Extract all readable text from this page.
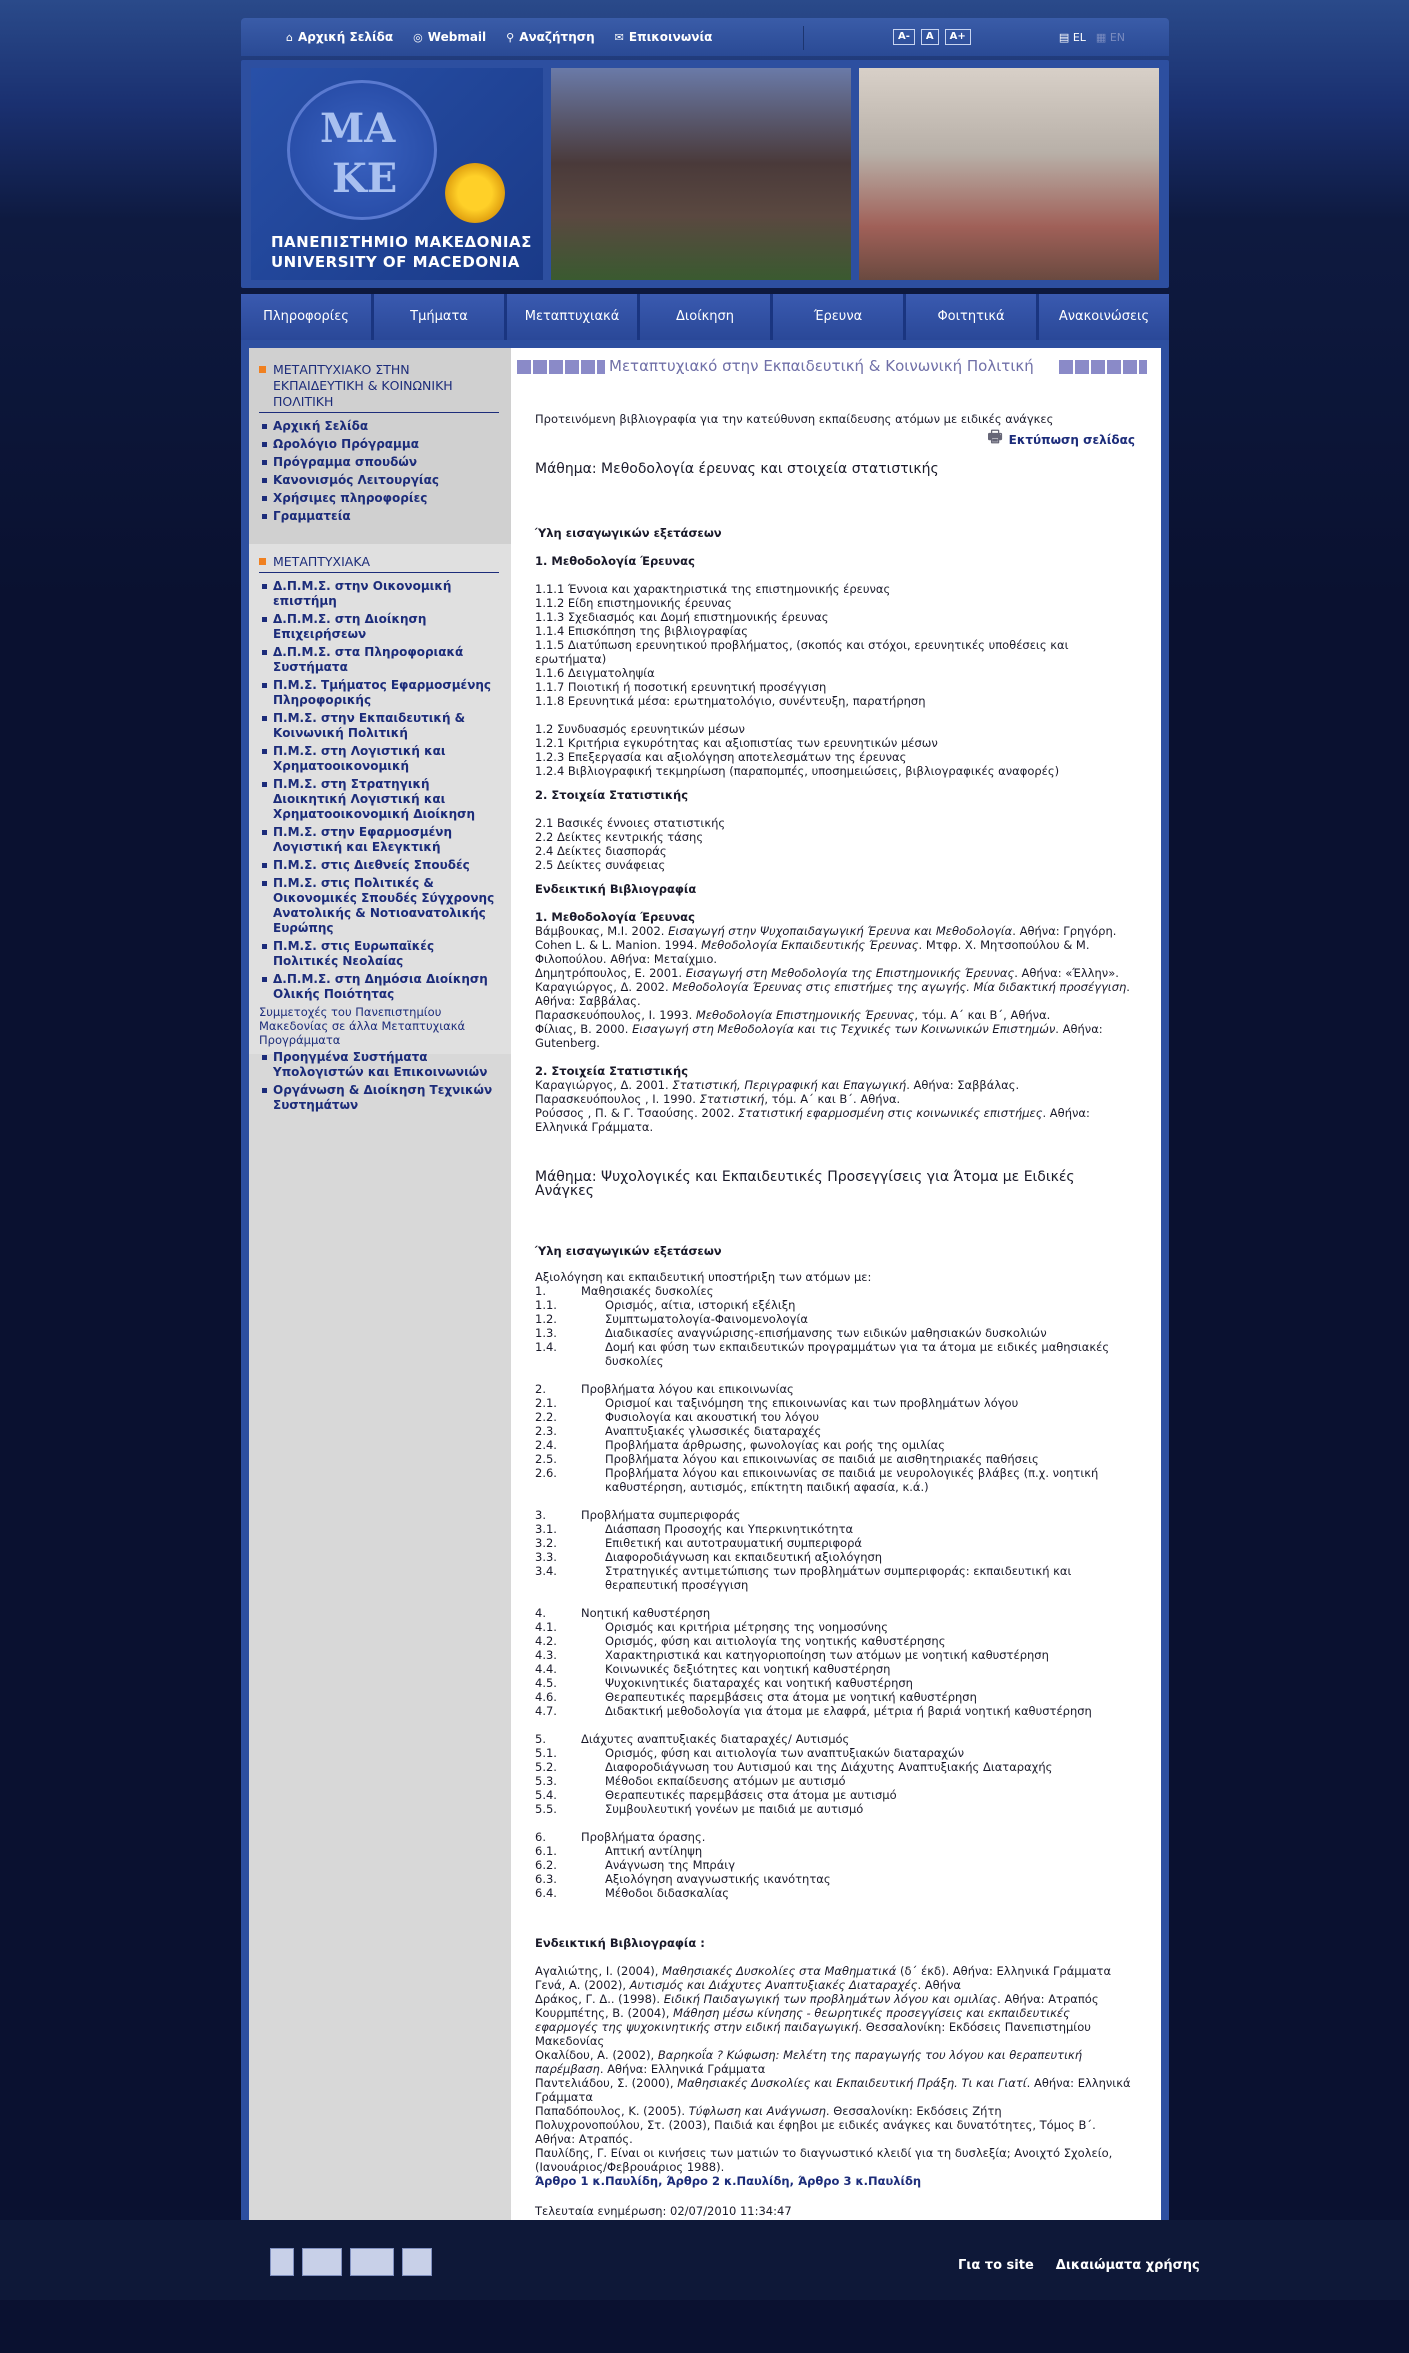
⌂ Αρχική Σελίδα ◎ Webmail ⚲ Αναζήτηση ✉ Επικοινωνία	A-	A	A+	▤ EL ▦ EN
ΜΑ
ΚΕ
ΠΑΝΕΠΙΣΤΗΜΙΟ ΜΑΚΕΔΟΝΙΑΣ
UNIVERSITY OF MACEDONIA
Πληροφορίες	Τμήματα	Μεταπτυχιακά	Διοίκηση	Έρευνα	Φοιτητικά	Ανακοινώσεις
ΜΕΤΑΠΤΥΧΙΑΚΟ ΣΤΗΝ ΕΚΠΑΙΔΕΥΤΙΚΗ & ΚΟΙΝΩΝΙΚΗ ΠΟΛΙΤΙΚΗ
Αρχική Σελίδα
Ωρολόγιο Πρόγραμμα
Πρόγραμμα σπουδών
Κανονισμός Λειτουργίας
Χρήσιμες πληροφορίες
Γραμματεία
ΜΕΤΑΠΤΥΧΙΑΚΑ
Δ.Π.Μ.Σ. στην Οικονομική επιστήμη
Δ.Π.Μ.Σ. στη Διοίκηση Επιχειρήσεων
Δ.Π.Μ.Σ. στα Πληροφοριακά Συστήματα
Π.Μ.Σ. Τμήματος Εφαρμοσμένης Πληροφορικής
Π.Μ.Σ. στην Εκπαιδευτική & Κοινωνική Πολιτική
Π.Μ.Σ. στη Λογιστική και Χρηματοοικονομική
Π.Μ.Σ. στη Στρατηγική Διοικητική Λογιστική και Χρηματοοικονομική Διοίκηση
Π.Μ.Σ. στην Εφαρμοσμένη Λογιστική και Ελεγκτική
Π.Μ.Σ. στις Διεθνείς Σπουδές
Π.Μ.Σ. στις Πολιτικές & Οικονομικές Σπουδές Σύγχρονης Ανατολικής & Νοτιοανατολικής Ευρώπης
Π.Μ.Σ. στις Ευρωπαϊκές Πολιτικές Νεολαίας
Δ.Π.Μ.Σ. στη Δημόσια Διοίκηση Ολικής Ποιότητας
Συμμετοχές του Πανεπιστημίου Μακεδονίας σε άλλα Μεταπτυχιακά Προγράμματα
Προηγμένα Συστήματα Υπολογιστών και Επικοινωνιών
Οργάνωση & Διοίκηση Τεχνικών Συστημάτων
Μεταπτυχιακό στην Εκπαιδευτική & Κοινωνική Πολιτική
🖶 Εκτύπωση σελίδας
Προτεινόμενη βιβλιογραφία για την κατεύθυνση εκπαίδευσης ατόμων με ειδικές ανάγκες
Μάθημα: Μεθοδολογία έρευνας και στοιχεία στατιστικής
Ύλη εισαγωγικών εξετάσεων
1. Μεθοδολογία Έρευνας
1.1.1 Έννοια και χαρακτηριστικά της επιστημονικής έρευνας
1.1.2 Είδη επιστημονικής έρευνας
1.1.3 Σχεδιασμός και Δομή επιστημονικής έρευνας
1.1.4 Επισκόπηση της βιβλιογραφίας
1.1.5 Διατύπωση ερευνητικού προβλήματος, (σκοπός και στόχοι, ερευνητικές υποθέσεις και ερωτήματα)
1.1.6 Δειγματοληψία
1.1.7 Ποιοτική ή ποσοτική ερευνητική προσέγγιση
1.1.8 Ερευνητικά μέσα: ερωτηματολόγιο, συνέντευξη, παρατήρηση
1.2 Συνδυασμός ερευνητικών μέσων
1.2.1 Κριτήρια εγκυρότητας και αξιοπιστίας των ερευνητικών μέσων
1.2.3 Επεξεργασία και αξιολόγηση αποτελεσμάτων της έρευνας
1.2.4 Βιβλιογραφική τεκμηρίωση (παραπομπές, υποσημειώσεις, βιβλιογραφικές αναφορές)
2. Στοιχεία Στατιστικής
2.1 Βασικές έννοιες στατιστικής
2.2 Δείκτες κεντρικής τάσης
2.4 Δείκτες διασποράς
2.5 Δείκτες συνάφειας
Ενδεικτική Βιβλιογραφία
1. Μεθοδολογία Έρευνας
Βάμβουκας, Μ.Ι. 2002. Εισαγωγή στην Ψυχοπαιδαγωγική Έρευνα και Μεθοδολογία. Αθήνα: Γρηγόρη.
Cohen L. & L. Manion. 1994. Μεθοδολογία Εκπαιδευτικής Έρευνας. Μτφρ. Χ. Μητσοπούλου & Μ. Φιλοπούλου. Αθήνα: Μεταίχμιο.
Δημητρόπουλος, Ε. 2001. Εισαγωγή στη Μεθοδολογία της Επιστημονικής Έρευνας. Αθήνα: «Έλλην».
Καραγιώργος, Δ. 2002. Μεθοδολογία Έρευνας στις επιστήμες της αγωγής. Μία διδακτική προσέγγιση. Αθήνα: Σαββάλας.
Παρασκευόπουλος, Ι. 1993. Μεθοδολογία Επιστημονικής Έρευνας, τόμ. Α΄ και Β΄, Αθήνα.
Φίλιας, Β. 2000. Εισαγωγή στη Μεθοδολογία και τις Τεχνικές των Κοινωνικών Επιστημών. Αθήνα: Gutenberg.
2. Στοιχεία Στατιστικής
Καραγιώργος, Δ. 2001. Στατιστική, Περιγραφική και Επαγωγική. Αθήνα: Σαββάλας.
Παρασκευόπουλος , Ι. 1990. Στατιστική, τόμ. Α΄ και Β΄. Αθήνα.
Ρούσσος , Π. & Γ. Τσαούσης. 2002. Στατιστική εφαρμοσμένη στις κοινωνικές επιστήμες. Αθήνα: Ελληνικά Γράμματα.
Μάθημα: Ψυχολογικές και Εκπαιδευτικές Προσεγγίσεις για Άτομα με Ειδικές Ανάγκες
Ύλη εισαγωγικών εξετάσεων
Αξιολόγηση και εκπαιδευτική υποστήριξη των ατόμων με:
1.	Μαθησιακές δυσκολίες
1.1.	Ορισμός, αίτια, ιστορική εξέλιξη
1.2.	Συμπτωματολογία-Φαινομενολογία
1.3.	Διαδικασίες αναγνώρισης-επισήμανσης των ειδικών μαθησιακών δυσκολιών
1.4.	Δομή και φύση των εκπαιδευτικών προγραμμάτων για τα άτομα με ειδικές μαθησιακές δυσκολίες
2.	Προβλήματα λόγου και επικοινωνίας
2.1.	Ορισμοί και ταξινόμηση της επικοινωνίας και των προβλημάτων λόγου
2.2.	Φυσιολογία και ακουστική του λόγου
2.3.	Αναπτυξιακές γλωσσικές διαταραχές
2.4.	Προβλήματα άρθρωσης, φωνολογίας και ροής της ομιλίας
2.5.	Προβλήματα λόγου και επικοινωνίας σε παιδιά με αισθητηριακές παθήσεις
2.6.	Προβλήματα λόγου και επικοινωνίας σε παιδιά με νευρολογικές βλάβες (π.χ. νοητική καθυστέρηση, αυτισμός, επίκτητη παιδική αφασία, κ.ά.)
3.	Προβλήματα συμπεριφοράς
3.1.	Διάσπαση Προσοχής και Υπερκινητικότητα
3.2.	Επιθετική και αυτοτραυματική συμπεριφορά
3.3.	Διαφοροδιάγνωση και εκπαιδευτική αξιολόγηση
3.4.	Στρατηγικές αντιμετώπισης των προβλημάτων συμπεριφοράς: εκπαιδευτική και θεραπευτική προσέγγιση
4.	Νοητική καθυστέρηση
4.1.	Ορισμός και κριτήρια μέτρησης της νοημοσύνης
4.2.	Ορισμός, φύση και αιτιολογία της νοητικής καθυστέρησης
4.3.	Χαρακτηριστικά και κατηγοριοποίηση των ατόμων με νοητική καθυστέρηση
4.4.	Κοινωνικές δεξιότητες και νοητική καθυστέρηση
4.5.	Ψυχοκινητικές διαταραχές και νοητική καθυστέρηση
4.6.	Θεραπευτικές παρεμβάσεις στα άτομα με νοητική καθυστέρηση
4.7.	Διδακτική μεθοδολογία για άτομα με ελαφρά, μέτρια ή βαριά νοητική καθυστέρηση
5.	Διάχυτες αναπτυξιακές διαταραχές/ Αυτισμός
5.1.	Ορισμός, φύση και αιτιολογία των αναπτυξιακών διαταραχών
5.2.	Διαφοροδιάγνωση του Αυτισμού και της Διάχυτης Αναπτυξιακής Διαταραχής
5.3.	Μέθοδοι εκπαίδευσης ατόμων με αυτισμό
5.4.	Θεραπευτικές παρεμβάσεις στα άτομα με αυτισμό
5.5.	Συμβουλευτική γονέων με παιδιά με αυτισμό
6.	Προβλήματα όρασης.
6.1.	Απτική αντίληψη
6.2.	Ανάγνωση της Μπράιγ
6.3.	Αξιολόγηση αναγνωστικής ικανότητας
6.4.	Μέθοδοι διδασκαλίας
Ενδεικτική Βιβλιογραφία :
Αγαλιώτης, Ι. (2004), Μαθησιακές Δυσκολίες στα Μαθηματικά (δ΄ έκδ). Αθήνα: Ελληνικά Γράμματα
Γενά, Α. (2002), Αυτισμός και Διάχυτες Αναπτυξιακές Διαταραχές. Αθήνα
Δράκος, Γ. Δ.. (1998). Ειδική Παιδαγωγική των προβλημάτων λόγου και ομιλίας. Αθήνα: Ατραπός
Κουρμπέτης, Β. (2004), Μάθηση μέσω κίνησης - θεωρητικές προσεγγίσεις και εκπαιδευτικές εφαρμογές της ψυχοκινητικής στην ειδική παιδαγωγική. Θεσσαλονίκη: Εκδόσεις Πανεπιστημίου Μακεδονίας
Οκαλίδου, Α. (2002), Βαρηκοΐα ? Κώφωση: Μελέτη της παραγωγής του λόγου και θεραπευτική παρέμβαση. Αθήνα: Ελληνικά Γράμματα
Παντελιάδου, Σ. (2000), Μαθησιακές Δυσκολίες και Εκπαιδευτική Πράξη. Τι και Γιατί. Αθήνα: Ελληνικά Γράμματα
Παπαδόπουλος, Κ. (2005). Τύφλωση και Ανάγνωση. Θεσσαλονίκη: Εκδόσεις Ζήτη
Πολυχρονοπούλου, Στ. (2003), Παιδιά και έφηβοι με ειδικές ανάγκες και δυνατότητες, Τόμος Β΄. Αθήνα: Ατραπός.
Παυλίδης, Γ. Είναι οι κινήσεις των ματιών το διαγνωστικό κλειδί για τη δυσλεξία; Ανοιχτό Σχολείο, (Ιανουάριος/Φεβρουάριος 1988).
Άρθρο 1 κ.Παυλίδη, Άρθρο 2 κ.Παυλίδη, Άρθρο 3 κ.Παυλίδη
Τελευταία ενημέρωση: 02/07/2010 11:34:47
Για το site Δικαιώματα χρήσης
